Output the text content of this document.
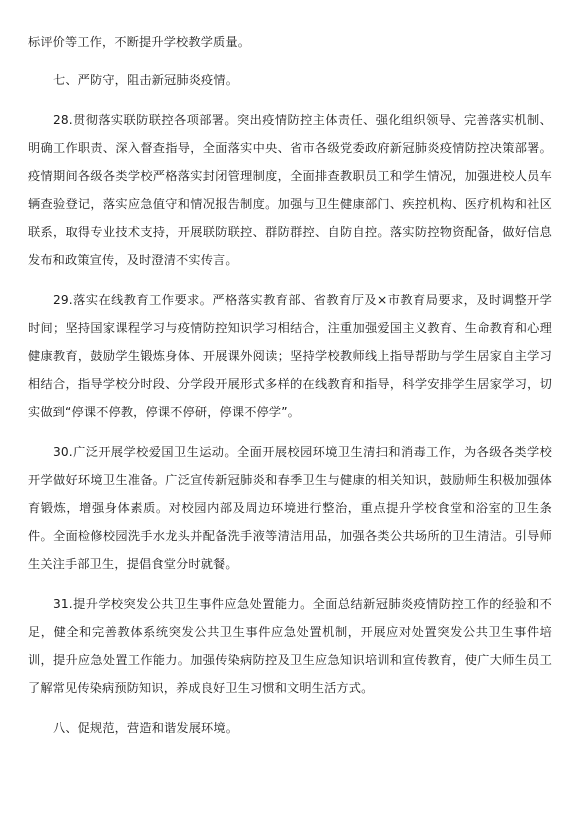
标评价等工作，不断提升学校教学质量。

七、严防守，阻击新冠肺炎疫情。

28.贯彻落实联防联控各项部署。突出疫情防控主体责任、强化组织领导、完善落实机制、明确工作职责、深入督查指导，全面落实中央、省市各级党委政府新冠肺炎疫情防控决策部署。疫情期间各级各类学校严格落实封闭管理制度，全面排查教职员工和学生情况，加强进校人员车辆查验登记，落实应急值守和情况报告制度。加强与卫生健康部门、疾控机构、医疗机构和社区联系，取得专业技术支持，开展联防联控、群防群控、自防自控。落实防控物资配备，做好信息发布和政策宣传，及时澄清不实传言。

29.落实在线教育工作要求。严格落实教育部、省教育厅及×市教育局要求，及时调整开学时间；坚持国家课程学习与疫情防控知识学习相结合，注重加强爱国主义教育、生命教育和心理健康教育，鼓励学生锻炼身体、开展课外阅读；坚持学校教师线上指导帮助与学生居家自主学习相结合，指导学校分时段、分学段开展形式多样的在线教育和指导，科学安排学生居家学习，切实做到“停课不停教，停课不停研，停课不停学”。

30.广泛开展学校爱国卫生运动。全面开展校园环境卫生清扫和消毒工作，为各级各类学校开学做好环境卫生准备。广泛宣传新冠肺炎和春季卫生与健康的相关知识，鼓励师生积极加强体育锻炼，增强身体素质。对校园内部及周边环境进行整治，重点提升学校食堂和浴室的卫生条件。全面检修校园洗手水龙头并配备洗手液等清洁用品，加强各类公共场所的卫生清洁。引导师生关注手部卫生，提倡食堂分时就餐。

31.提升学校突发公共卫生事件应急处置能力。全面总结新冠肺炎疫情防控工作的经验和不足，健全和完善教体系统突发公共卫生事件应急处置机制，开展应对处置突发公共卫生事件培训，提升应急处置工作能力。加强传染病防控及卫生应急知识培训和宣传教育，使广大师生员工了解常见传染病预防知识，养成良好卫生习惯和文明生活方式。

八、促规范，营造和谐发展环境。
